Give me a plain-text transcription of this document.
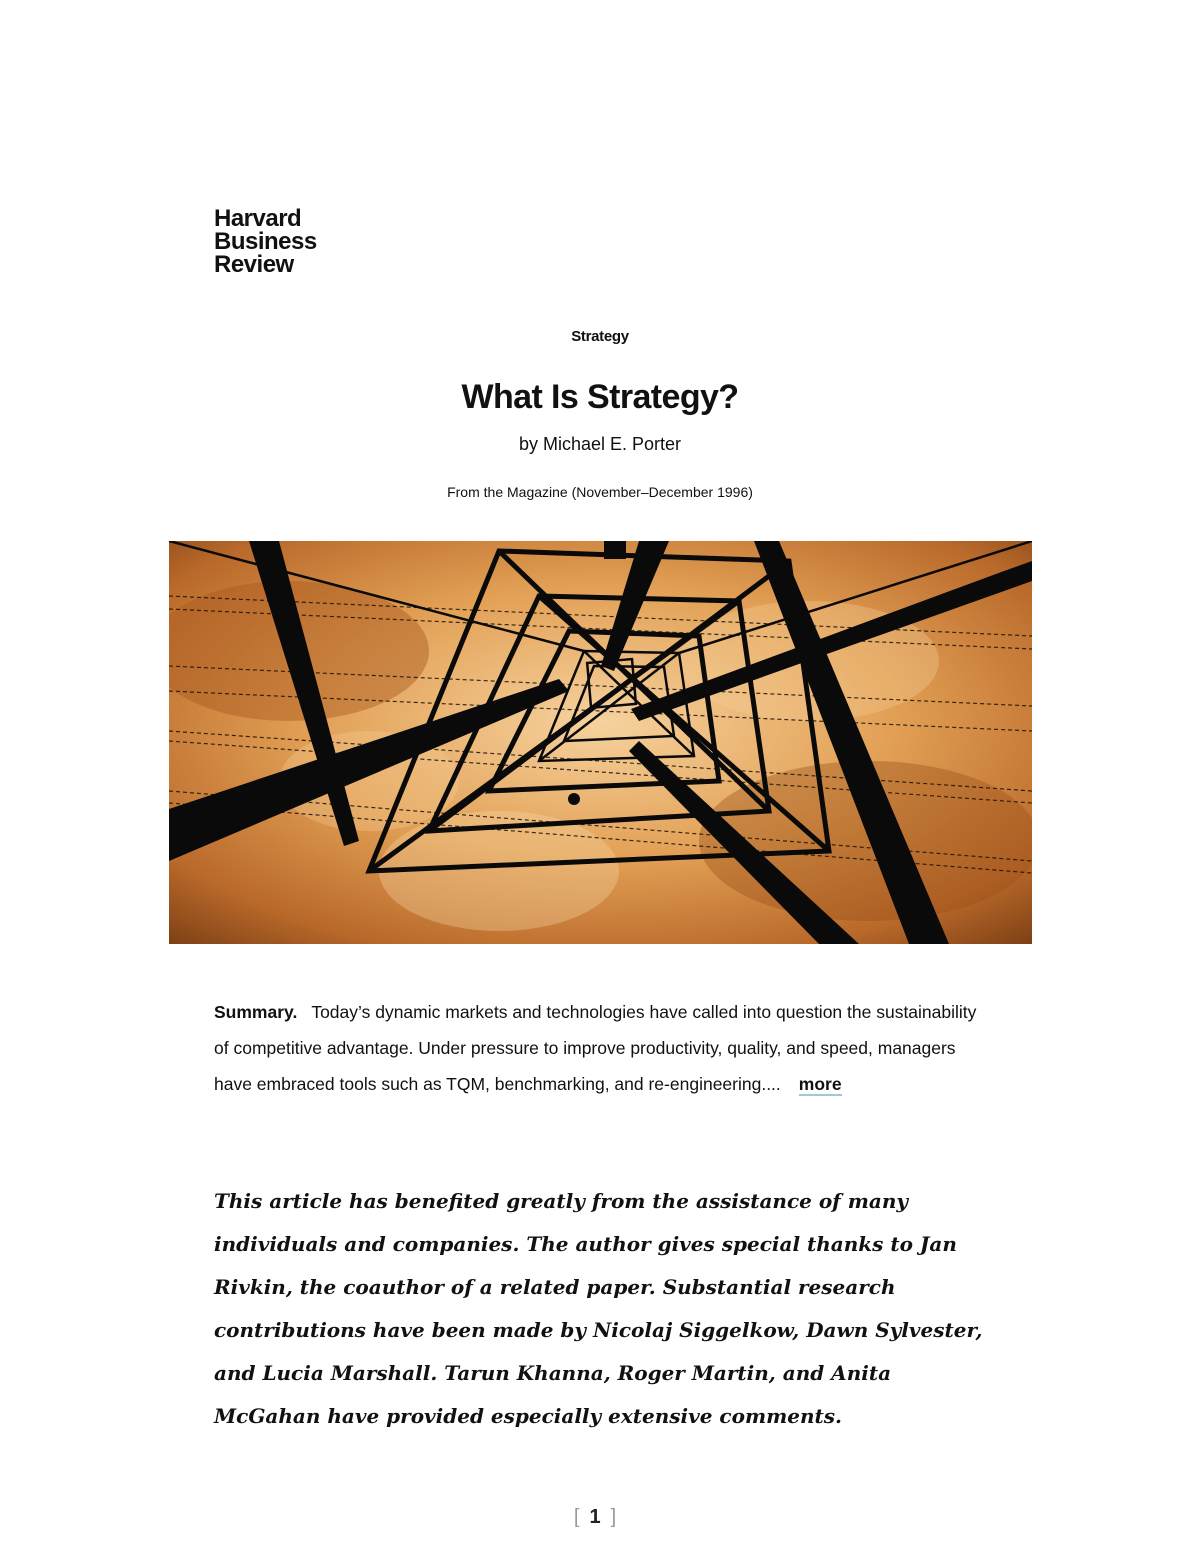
Harvard
Business
Review
Strategy
What Is Strategy?
by Michael E. Porter
From the Magazine (November–December 1996)
Summary. Today’s dynamic markets and technologies have called into question the sustainability of competitive advantage. Under pressure to improve productivity, quality, and speed, managers have embraced tools such as TQM, benchmarking, and re-engineering.... more
This article has benefited greatly from the assistance of many individuals and companies. The author gives special thanks to Jan Rivkin, the coauthor of a related paper. Substantial research contributions have been made by Nicolaj Siggelkow, Dawn Sylvester, and Lucia Marshall. Tarun Khanna, Roger Martin, and Anita McGahan have provided especially extensive comments.
[1]
